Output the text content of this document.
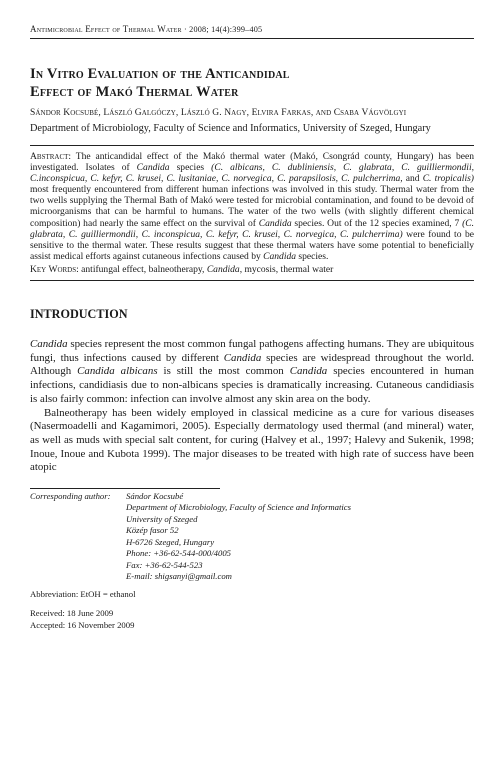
Antimicrobial Effect of Thermal Water · 2008; 14(4):399–405
In Vitro Evaluation of the Anticandidal
Effect of Makó Thermal Water
Sándor Kocsubé, László Galgóczy, László G. Nagy, Elvira Farkas, and Csaba Vágvölgyi
Department of Microbiology, Faculty of Science and Informatics, University of Szeged, Hungary
Abstract: The anticandidal effect of the Makó thermal water (Makó, Csongrád county, Hungary) has been investigated. Isolates of Candida species (C. albicans, C. dubliniensis, C. glabrata, C. guilliermondii, C.inconspicua, C. kefyr, C. krusei, C. lusitaniae, C. norvegica, C. parapsilosis, C. pulcherrima, and C. tropicalis) most frequently encountered from different human infections was involved in this study. Thermal water from the two wells supplying the Thermal Bath of Makó were tested for microbial contamination, and found to be devoid of microorganisms that can be harmful to humans. The water of the two wells (with slightly different chemical composition) had nearly the same effect on the survival of Candida species. Out of the 12 species examined, 7 (C. glabrata, C. guilliermondii, C. inconspicua, C. kefyr, C. krusei, C. norvegica, C. pulcherrima) were found to be sensitive to the thermal water. These results suggest that these thermal waters have some potential to beneficially assist medical efforts against cutaneous infections caused by Candida species.
Key Words: antifungal effect, balneotherapy, Candida, mycosis, thermal water
INTRODUCTION

Candida species represent the most common fungal pathogens affecting humans. They are ubiquitous fungi, thus infections caused by different Candida species are widespread throughout the world. Although Candida albicans is still the most common Candida species encountered in human infections, candidiasis due to non-albicans species is dramatically increasing. Cutaneous candidiasis is also fairly common: infection can involve almost any skin area on the body.

Balneotherapy has been widely employed in classical medicine as a cure for various diseases (Nasermoadelli and Kagamimori, 2005). Especially dermatology used thermal (and mineral) water, as well as muds with special salt content, for curing (Halvey et al., 1997; Halevy and Sukenik, 1998; Inoue, Inoue and Kubota 1999). The major diseases to be treated with high rate of success have been atopic

Corresponding author:	Sándor Kocsubé
Department of Microbiology, Faculty of Science and Informatics
University of Szeged
Közép fasor 52
H-6726 Szeged, Hungary
Phone: +36-62-544-000/4005
Fax: +36-62-544-523
E-mail: shigsanyi@gmail.com
Abbreviation: EtOH = ethanol
Received: 18 June 2009
Accepted: 16 November 2009
